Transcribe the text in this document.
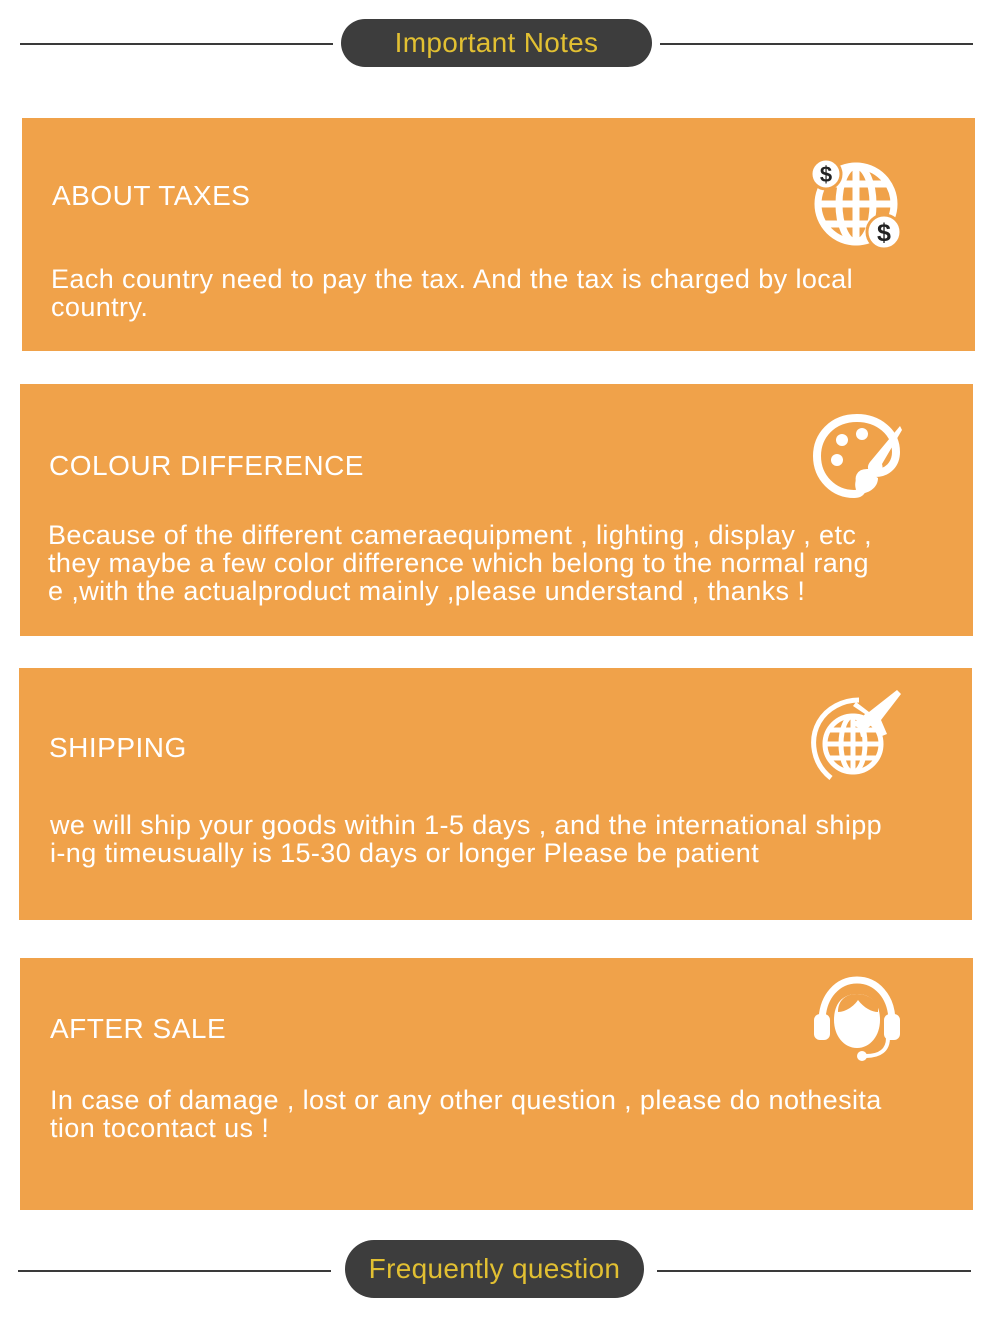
Important Notes
ABOUT TAXES
$
$
Each country need to pay the tax. And the tax is charged by local
country.
COLOUR DIFFERENCE
Because of the different cameraequipment , lighting , display , etc ,
they maybe a few color difference which belong to the normal rang
e ,with the actualproduct mainly ,please understand , thanks !
SHIPPING
we will ship your goods within 1-5 days , and the international shipp
i-ng timeusually is 15-30 days or longer Please be patient
AFTER SALE
In case of damage , lost or any other question , please do nothesita
tion tocontact us !
Frequently question
